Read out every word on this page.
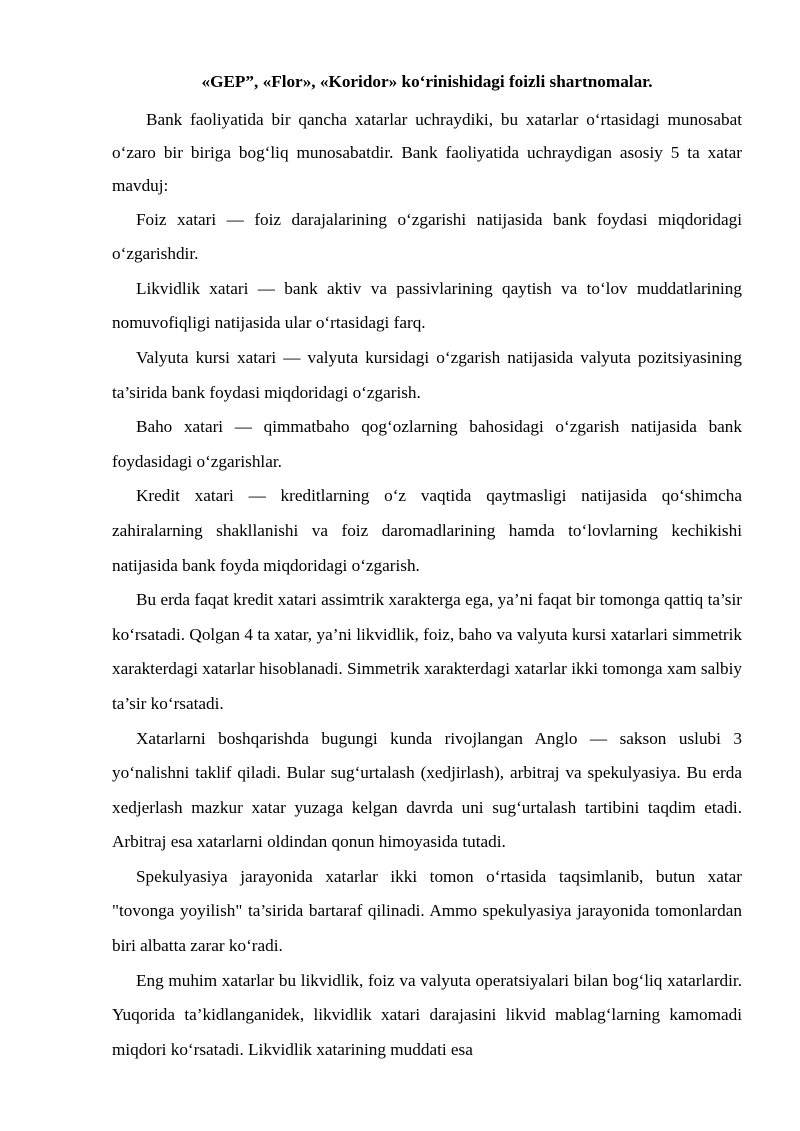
«GEP”, «Flor», «Koridor» ko‘rinishidagi foizli shartnomalar.

Bank faoliyatida bir qancha xatarlar uchraydiki, bu xatarlar o‘rtasidagi munosabat o‘zaro bir biriga bog‘liq munosabatdir. Bank faoliyatida uchraydigan asosiy 5 ta xatar mavduj:

Foiz xatari — foiz darajalarining o‘zgarishi natijasida bank foydasi miqdoridagi o‘zgarishdir.

Likvidlik xatari — bank aktiv va passivlarining qaytish va to‘lov muddatlarining nomuvofiqligi natijasida ular o‘rtasidagi farq.

Valyuta kursi xatari — valyuta kursidagi o‘zgarish natijasida valyuta pozitsiyasining ta’sirida bank foydasi miqdoridagi o‘zgarish.

Baho xatari — qimmatbaho qog‘ozlarning bahosidagi o‘zgarish natijasida bank foydasidagi o‘zgarishlar.

Kredit xatari — kreditlarning o‘z vaqtida qaytmasligi natijasida qo‘shimcha zahiralarning shakllanishi va foiz daromadlarining hamda to‘lovlarning kechikishi natijasida bank foyda miqdoridagi o‘zgarish.

Bu erda faqat kredit xatari assimtrik xarakterga ega, ya’ni faqat bir tomonga qattiq ta’sir ko‘rsatadi. Qolgan 4 ta xatar, ya’ni likvidlik, foiz, baho va valyuta kursi xatarlari simmetrik xarakterdagi xatarlar hisoblanadi. Simmetrik xarakterdagi xatarlar ikki tomonga xam salbiy ta’sir ko‘rsatadi.

Xatarlarni boshqarishda bugungi kunda rivojlangan Anglo — sakson uslubi 3 yo‘nalishni taklif qiladi. Bular sug‘urtalash (xedjirlash), arbitraj va spekulyasiya. Bu erda xedjerlash mazkur xatar yuzaga kelgan davrda uni sug‘urtalash tartibini taqdim etadi. Arbitraj esa xatarlarni oldindan qonun himoyasida tutadi.

Spekulyasiya jarayonida xatarlar ikki tomon o‘rtasida taqsimlanib, butun xatar "tovonga yoyilish" ta’sirida bartaraf qilinadi. Ammo spekulyasiya jarayonida tomonlardan biri albatta zarar ko‘radi.

Eng muhim xatarlar bu likvidlik, foiz va valyuta operatsiyalari bilan bog‘liq xatarlardir. Yuqorida ta’kidlanganidek, likvidlik xatari darajasini likvid mablag‘larning kamomadi miqdori ko‘rsatadi. Likvidlik xatarining muddati esa
